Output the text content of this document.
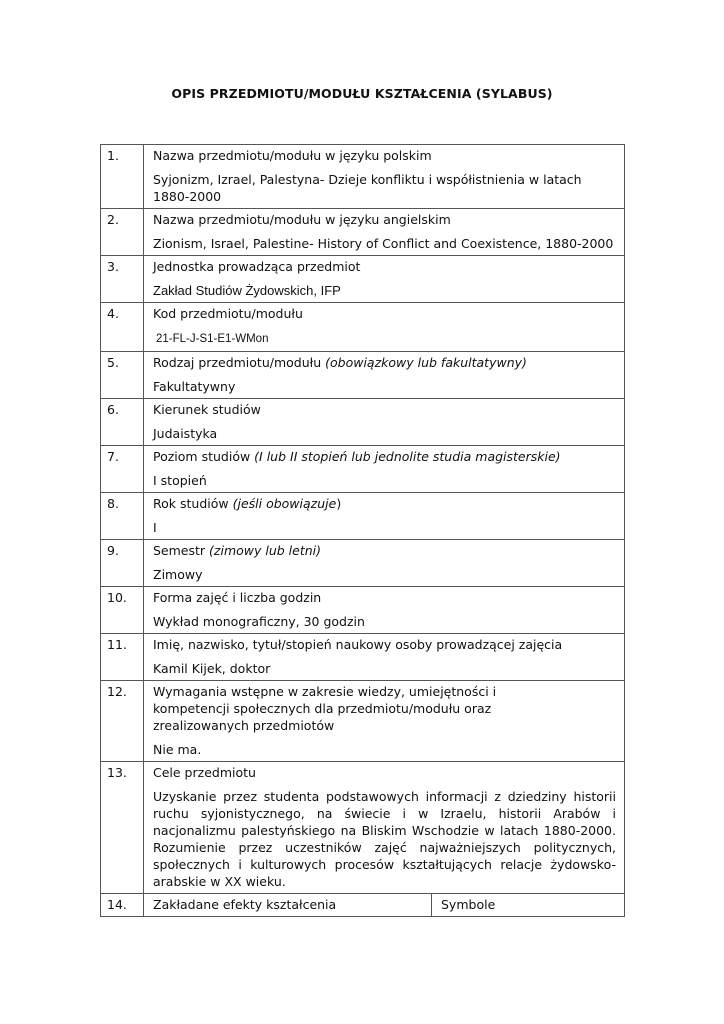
OPIS PRZEDMIOTU/MODUŁU KSZTAŁCENIA (SYLABUS)
1.	Nazwa przedmiotu/modułu w języku polskim
Syjonizm, Izrael, Palestyna- Dzieje konfliktu i współistnienia w latach 1880-2000	

2.	Nazwa przedmiotu/modułu w języku angielskim
Zionism, Israel, Palestine- History of Conflict and Coexistence, 1880-2000	

3.	Jednostka prowadząca przedmiot
Zakład Studiów Żydowskich, IFP	

4.	Kod przedmiotu/modułu
21-FL-J-S1-E1-WMon	

5.	Rodzaj przedmiotu/modułu (obowiązkowy lub fakultatywny)
Fakultatywny	

6.	Kierunek studiów
Judaistyka	

7.	Poziom studiów (I lub II stopień lub jednolite studia magisterskie)
I stopień	

8.	Rok studiów (jeśli obowiązuje)
I	

9.	Semestr (zimowy lub letni)
Zimowy	

10.	Forma zajęć i liczba godzin
Wykład monograficzny, 30 godzin	

11.	Imię, nazwisko, tytuł/stopień naukowy osoby prowadzącej zajęcia
Kamil Kijek, doktor	

12.	Wymagania wstępne w zakresie wiedzy, umiejętności i kompetencji społecznych dla przedmiotu/modułu oraz zrealizowanych przedmiotów
Nie ma.	

13.	Cele przedmiotu
Uzyskanie przez studenta podstawowych informacji z dziedziny historii ruchu syjonistycznego, na świecie i w Izraelu, historii Arabów i nacjonalizmu palestyńskiego na Bliskim Wschodzie w latach 1880-2000. Rozumienie przez uczestników zajęć najważniejszych politycznych, społecznych i kulturowych procesów kształtujących relacje żydowsko-arabskie w XX wieku.	

14.	Zakładane efekty kształcenia	Symbole
